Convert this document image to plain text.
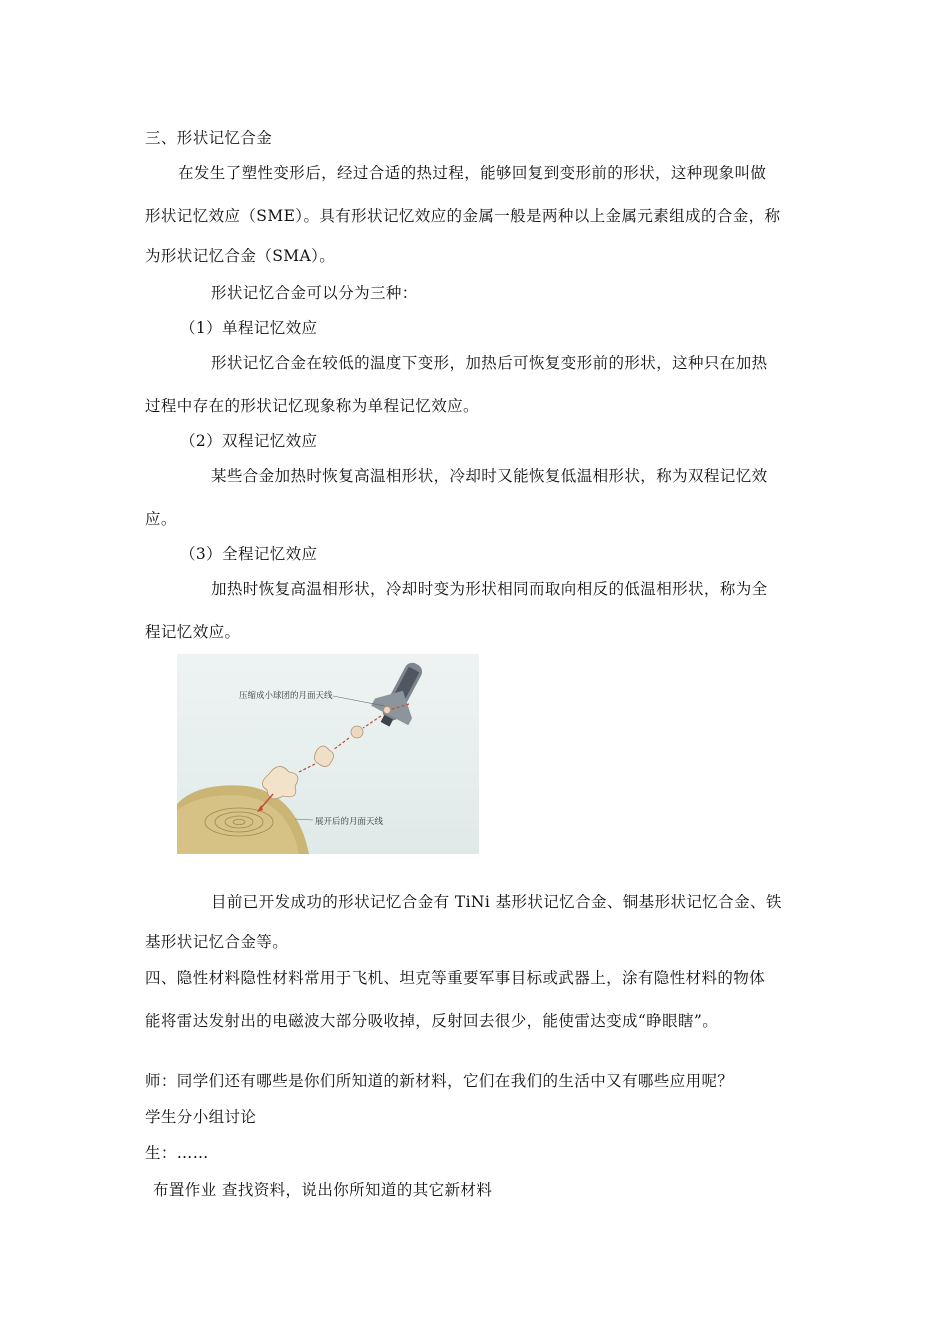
三、形状记忆合金
在发生了塑性变形后，经过合适的热过程，能够回复到变形前的形状，这种现象叫做
形状记忆效应（SME）。具有形状记忆效应的金属一般是两种以上金属元素组成的合金，称
为形状记忆合金（SMA）。
形状记忆合金可以分为三种：
（1）单程记忆效应
形状记忆合金在较低的温度下变形，加热后可恢复变形前的形状，这种只在加热
过程中存在的形状记忆现象称为单程记忆效应。
（2）双程记忆效应
某些合金加热时恢复高温相形状，冷却时又能恢复低温相形状，称为双程记忆效
应。
（3）全程记忆效应
加热时恢复高温相形状，冷却时变为形状相同而取向相反的低温相形状，称为全
程记忆效应。
压缩成小球团的月面天线
展开后的月面天线
目前已开发成功的形状记忆合金有 TiNi 基形状记忆合金、铜基形状记忆合金、铁
基形状记忆合金等。
四、隐性材料隐性材料常用于飞机、坦克等重要军事目标或武器上，涂有隐性材料的物体
能将雷达发射出的电磁波大部分吸收掉，反射回去很少，能使雷达变成“睁眼瞎”。
师：同学们还有哪些是你们所知道的新材料，它们在我们的生活中又有哪些应用呢？
学生分小组讨论
生：……
布置作业 查找资料，说出你所知道的其它新材料
